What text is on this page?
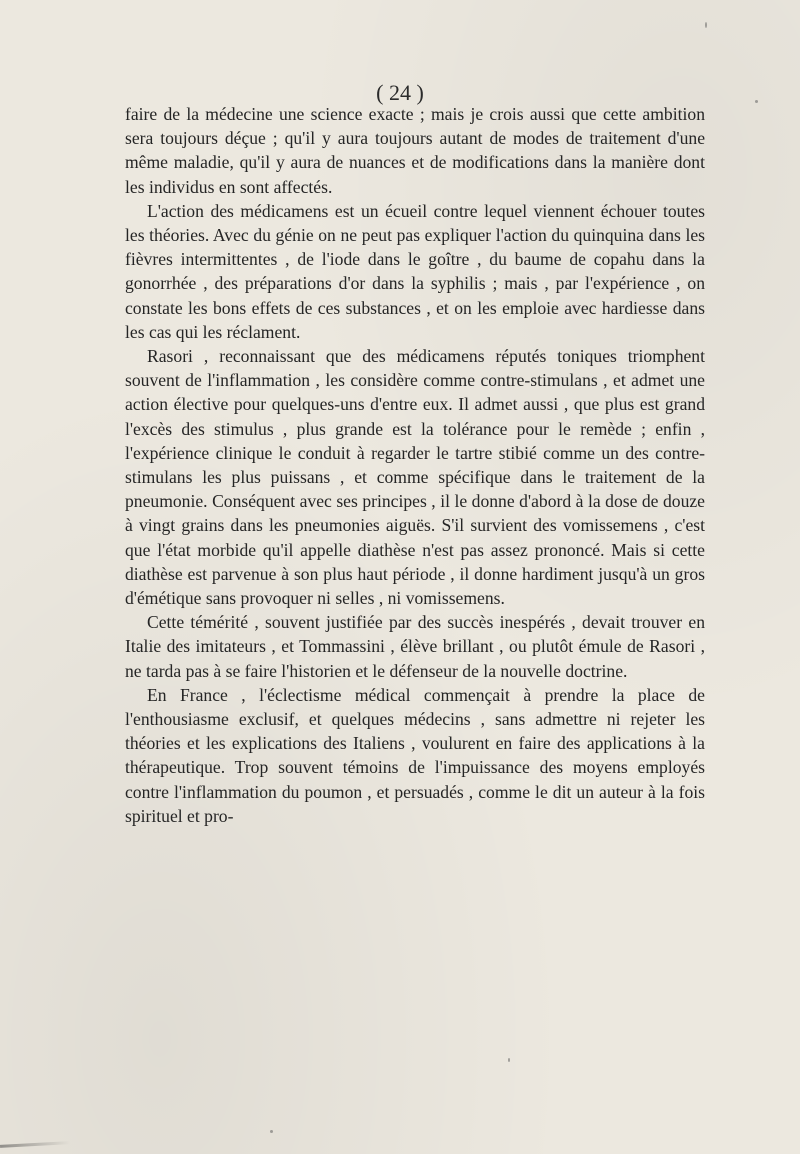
( 24 )

faire de la médecine une science exacte ; mais je crois aussi que cette ambition sera toujours déçue ; qu'il y aura toujours autant de modes de traitement d'une même maladie, qu'il y aura de nuances et de modifications dans la manière dont les individus en sont affectés.

L'action des médicamens est un écueil contre lequel viennent échouer toutes les théories. Avec du génie on ne peut pas expliquer l'action du quinquina dans les fièvres intermittentes , de l'iode dans le goître , du baume de copahu dans la gonorrhée , des préparations d'or dans la syphilis ; mais , par l'expérience , on constate les bons effets de ces substances , et on les emploie avec hardiesse dans les cas qui les réclament.

Rasori , reconnaissant que des médicamens réputés toniques triomphent souvent de l'inflammation , les considère comme contre-stimulans , et admet une action élective pour quelques-uns d'entre eux. Il admet aussi , que plus est grand l'excès des stimulus , plus grande est la tolérance pour le remède ; enfin , l'expérience clinique le conduit à regarder le tartre stibié comme un des contre-stimulans les plus puissans , et comme spécifique dans le traitement de la pneumonie. Conséquent avec ses principes , il le donne d'abord à la dose de douze à vingt grains dans les pneumonies aiguës. S'il survient des vomissemens , c'est que l'état morbide qu'il appelle diathèse n'est pas assez prononcé. Mais si cette diathèse est parvenue à son plus haut période , il donne hardiment jusqu'à un gros d'émétique sans provoquer ni selles , ni vomissemens.

Cette témérité , souvent justifiée par des succès inespérés , devait trouver en Italie des imitateurs , et Tommassini , élève brillant , ou plutôt émule de Rasori , ne tarda pas à se faire l'historien et le défenseur de la nouvelle doctrine.

En France , l'éclectisme médical commençait à prendre la place de l'enthousiasme exclusif, et quelques médecins , sans admettre ni rejeter les théories et les explications des Italiens , voulurent en faire des applications à la thérapeutique. Trop souvent témoins de l'impuissance des moyens employés contre l'inflammation du poumon , et persuadés , comme le dit un auteur à la fois spirituel et pro-
